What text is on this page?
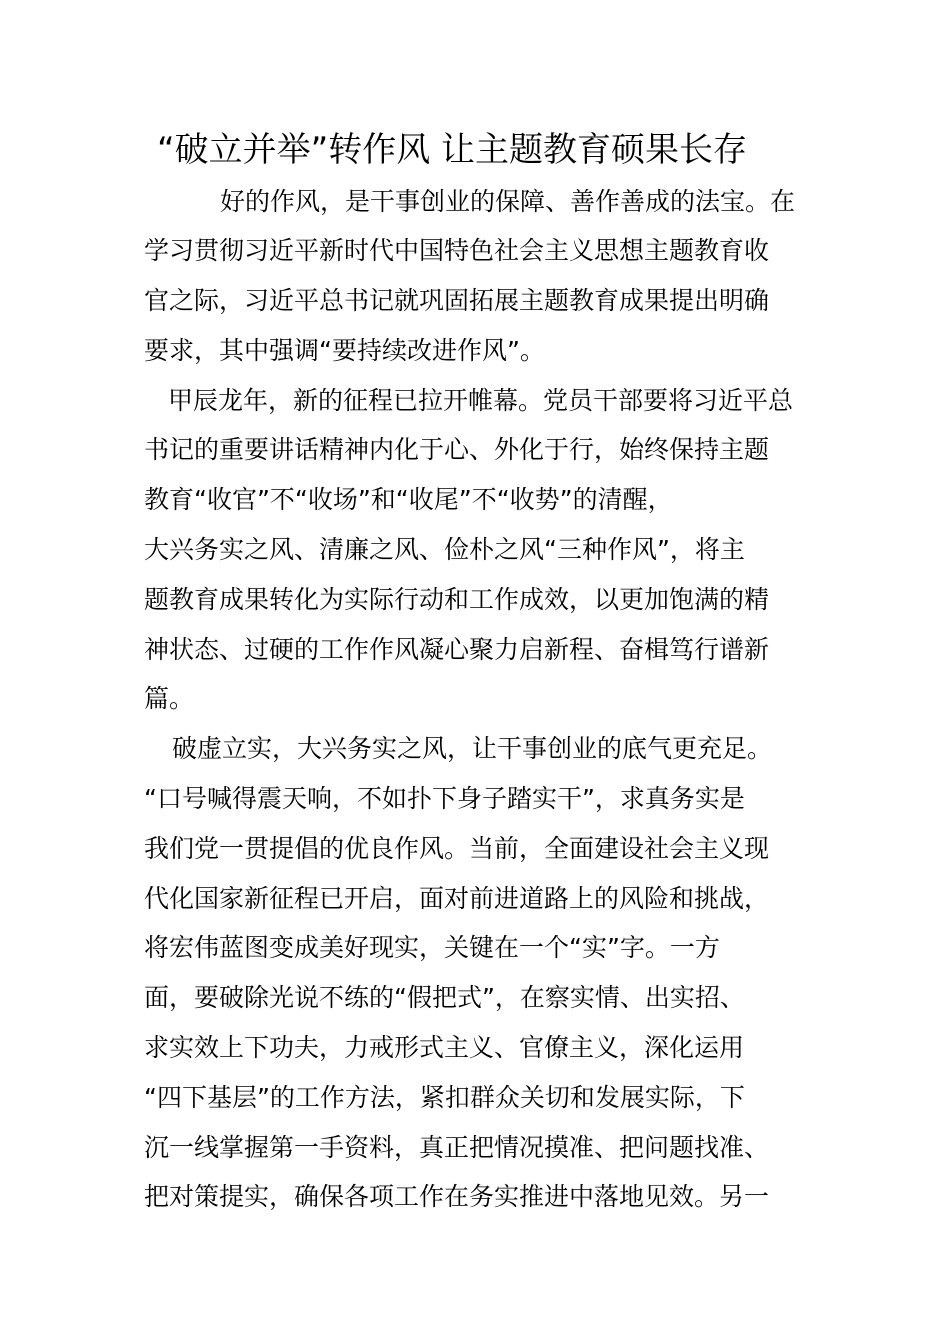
“破立并举”转作风 让主题教育硕果长存
好的作风，是干事创业的保障、善作善成的法宝。在
学习贯彻习近平新时代中国特色社会主义思想主题教育收
官之际，习近平总书记就巩固拓展主题教育成果提出明确
要求，其中强调“要持续改进作风”。
甲辰龙年，新的征程已拉开帷幕。党员干部要将习近平总
书记的重要讲话精神内化于心、外化于行，始终保持主题
教育“收官”不“收场”和“收尾”不“收势”的清醒，
大兴务实之风、清廉之风、俭朴之风“三种作风”，将主
题教育成果转化为实际行动和工作成效，以更加饱满的精
神状态、过硬的工作作风凝心聚力启新程、奋楫笃行谱新
篇。
破虚立实，大兴务实之风，让干事创业的底气更充足。
“口号喊得震天响，不如扑下身子踏实干”，求真务实是
我们党一贯提倡的优良作风。当前，全面建设社会主义现
代化国家新征程已开启，面对前进道路上的风险和挑战，
将宏伟蓝图变成美好现实，关键在一个“实”字。一方
面，要破除光说不练的“假把式”，在察实情、出实招、
求实效上下功夫，力戒形式主义、官僚主义，深化运用
“四下基层”的工作方法，紧扣群众关切和发展实际，下
沉一线掌握第一手资料，真正把情况摸准、把问题找准、
把对策提实，确保各项工作在务实推进中落地见效。另一
